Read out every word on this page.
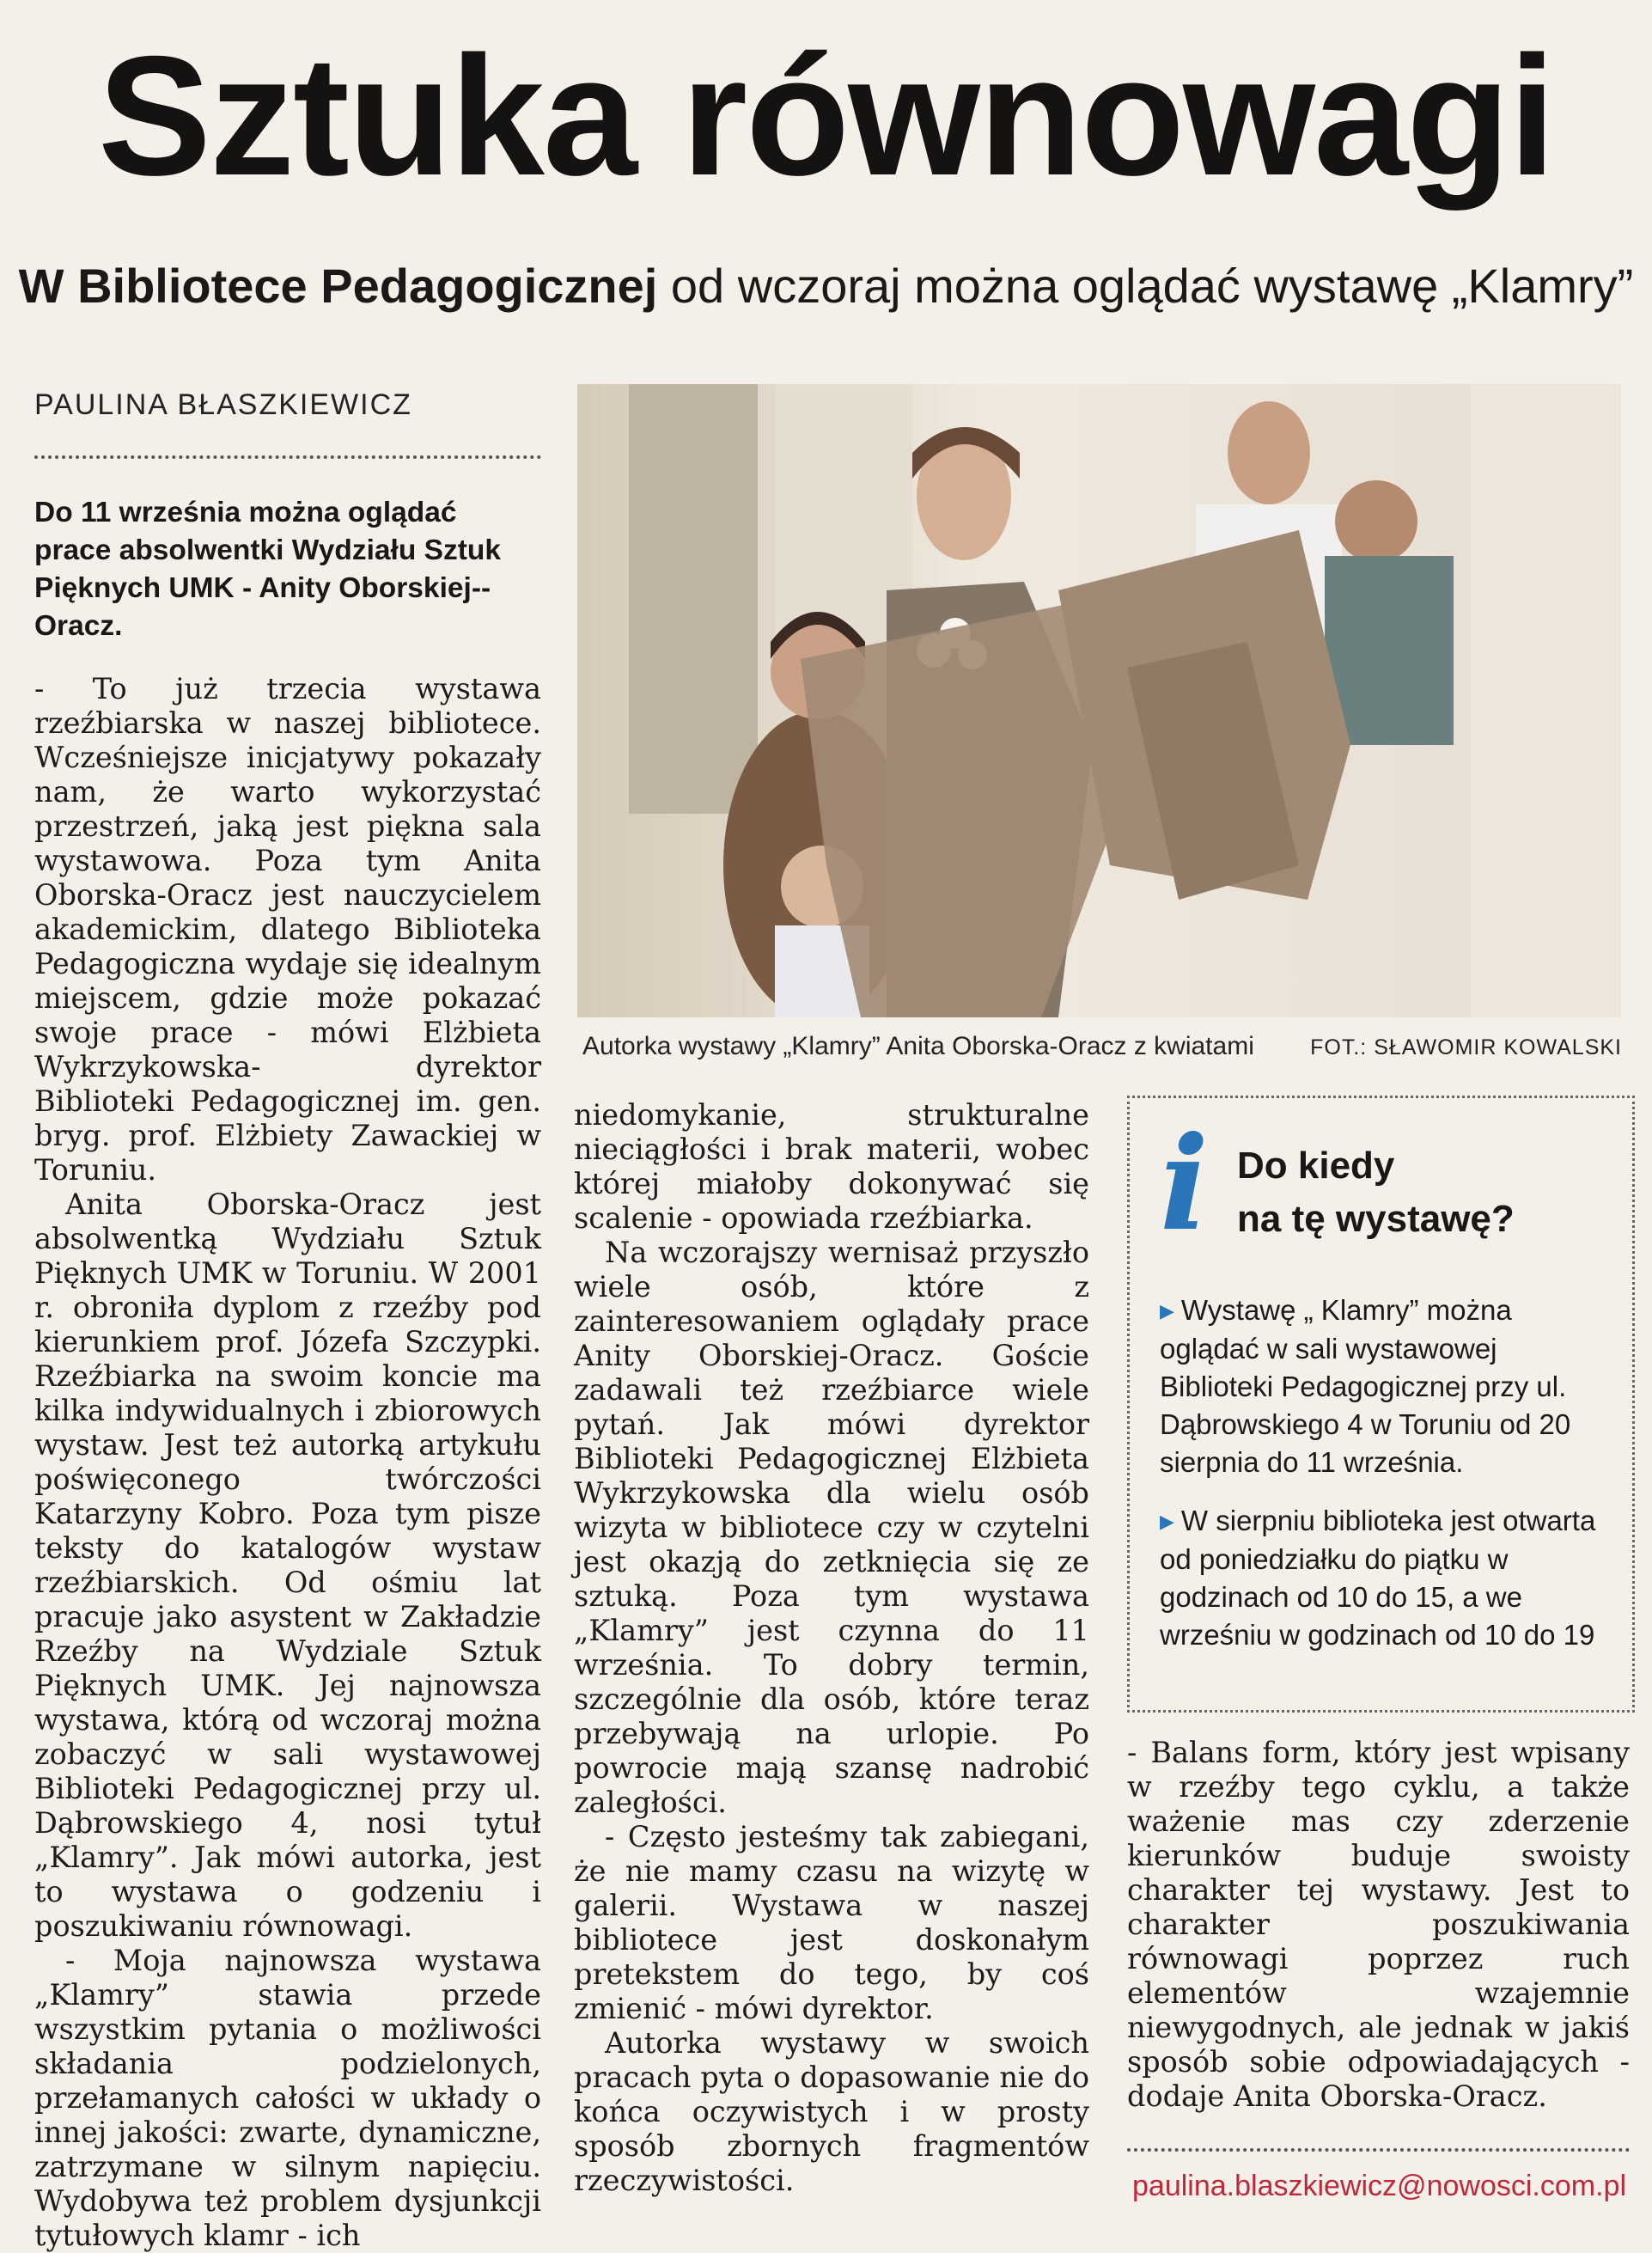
Sztuka równowagi
W Bibliotece Pedagogicznej od wczoraj można oglądać wystawę „Klamry”
PAULINA BŁASZKIEWICZ
Do 11 września można oglądać prace absolwentki Wydziału Sztuk Pięknych UMK - Anity Oborskiej--Oracz.

- To już trzecia wystawa rzeźbiarska w naszej bibliotece. Wcześniejsze inicjatywy pokazały nam, że warto wykorzystać przestrzeń, jaką jest piękna sala wystawowa. Poza tym Anita Oborska-Oracz jest nauczycielem akademickim, dlatego Biblioteka Pedagogiczna wydaje się idealnym miejscem, gdzie może pokazać swoje prace - mówi Elżbieta Wykrzykowska- dyrektor Biblioteki Pedagogicznej im. gen. bryg. prof. Elżbiety Zawackiej w Toruniu.

Anita Oborska-Oracz jest absolwentką Wydziału Sztuk Pięknych UMK w Toruniu. W 2001 r. obroniła dyplom z rzeźby pod kierunkiem prof. Józefa Szczypki. Rzeźbiarka na swoim koncie ma kilka indywidualnych i zbiorowych wystaw. Jest też autorką artykułu poświęconego twórczości Katarzyny Kobro. Poza tym pisze teksty do katalogów wystaw rzeźbiarskich. Od ośmiu lat pracuje jako asystent w Zakładzie Rzeźby na Wydziale Sztuk Pięknych UMK. Jej najnowsza wystawa, którą od wczoraj można zobaczyć w sali wystawowej Biblioteki Pedagogicznej przy ul. Dąbrowskiego 4, nosi tytuł „Klamry”. Jak mówi autorka, jest to wystawa o godzeniu i poszukiwaniu równowagi.

- Moja najnowsza wystawa „Klamry” stawia przede wszystkim pytania o możliwości składania podzielonych, przełamanych całości w układy o innej jakości: zwarte, dynamiczne, zatrzymane w silnym napięciu. Wydobywa też problem dysjunkcji tytułowych klamr - ich

Autorka wystawy „Klamry” Anita Oborska-Oracz z kwiatami	FOT.: SŁAWOMIR KOWALSKI

niedomykanie, strukturalne nieciągłości i brak materii, wobec której miałoby dokonywać się scalenie - opowiada rzeźbiarka.

Na wczorajszy wernisaż przyszło wiele osób, które z zainteresowaniem oglądały prace Anity Oborskiej-Oracz. Goście zadawali też rzeźbiarce wiele pytań. Jak mówi dyrektor Biblioteki Pedagogicznej Elżbieta Wykrzykowska dla wielu osób wizyta w bibliotece czy w czytelni jest okazją do zetknięcia się ze sztuką. Poza tym wystawa „Klamry” jest czynna do 11 września. To dobry termin, szczególnie dla osób, które teraz przebywają na urlopie. Po powrocie mają szansę nadrobić zaległości.

- Często jesteśmy tak zabiegani, że nie mamy czasu na wizytę w galerii. Wystawa w naszej bibliotece jest doskonałym pretekstem do tego, by coś zmienić - mówi dyrektor.

Autorka wystawy w swoich pracach pyta o dopasowanie nie do końca oczywistych i w prosty sposób zbornych fragmentów rzeczywistości.

i Do kiedy
na tę wystawę?
▶ Wystawę „ Klamry” można oglądać w sali wystawowej Biblioteki Pedagogicznej przy ul. Dąbrowskiego 4 w Toruniu od 20 sierpnia do 11 września.
▶ W sierpniu biblioteka jest otwarta od poniedziałku do piątku w godzinach od 10 do 15, a we wrześniu w godzinach od 10 do 19

- Balans form, który jest wpisany w rzeźby tego cyklu, a także ważenie mas czy zderzenie kierunków buduje swoisty charakter tej wystawy. Jest to charakter poszukiwania równowagi poprzez ruch elementów wzajemnie niewygodnych, ale jednak w jakiś sposób sobie odpowiadających - dodaje Anita Oborska-Oracz.

paulina.blaszkiewicz@nowosci.com.pl
